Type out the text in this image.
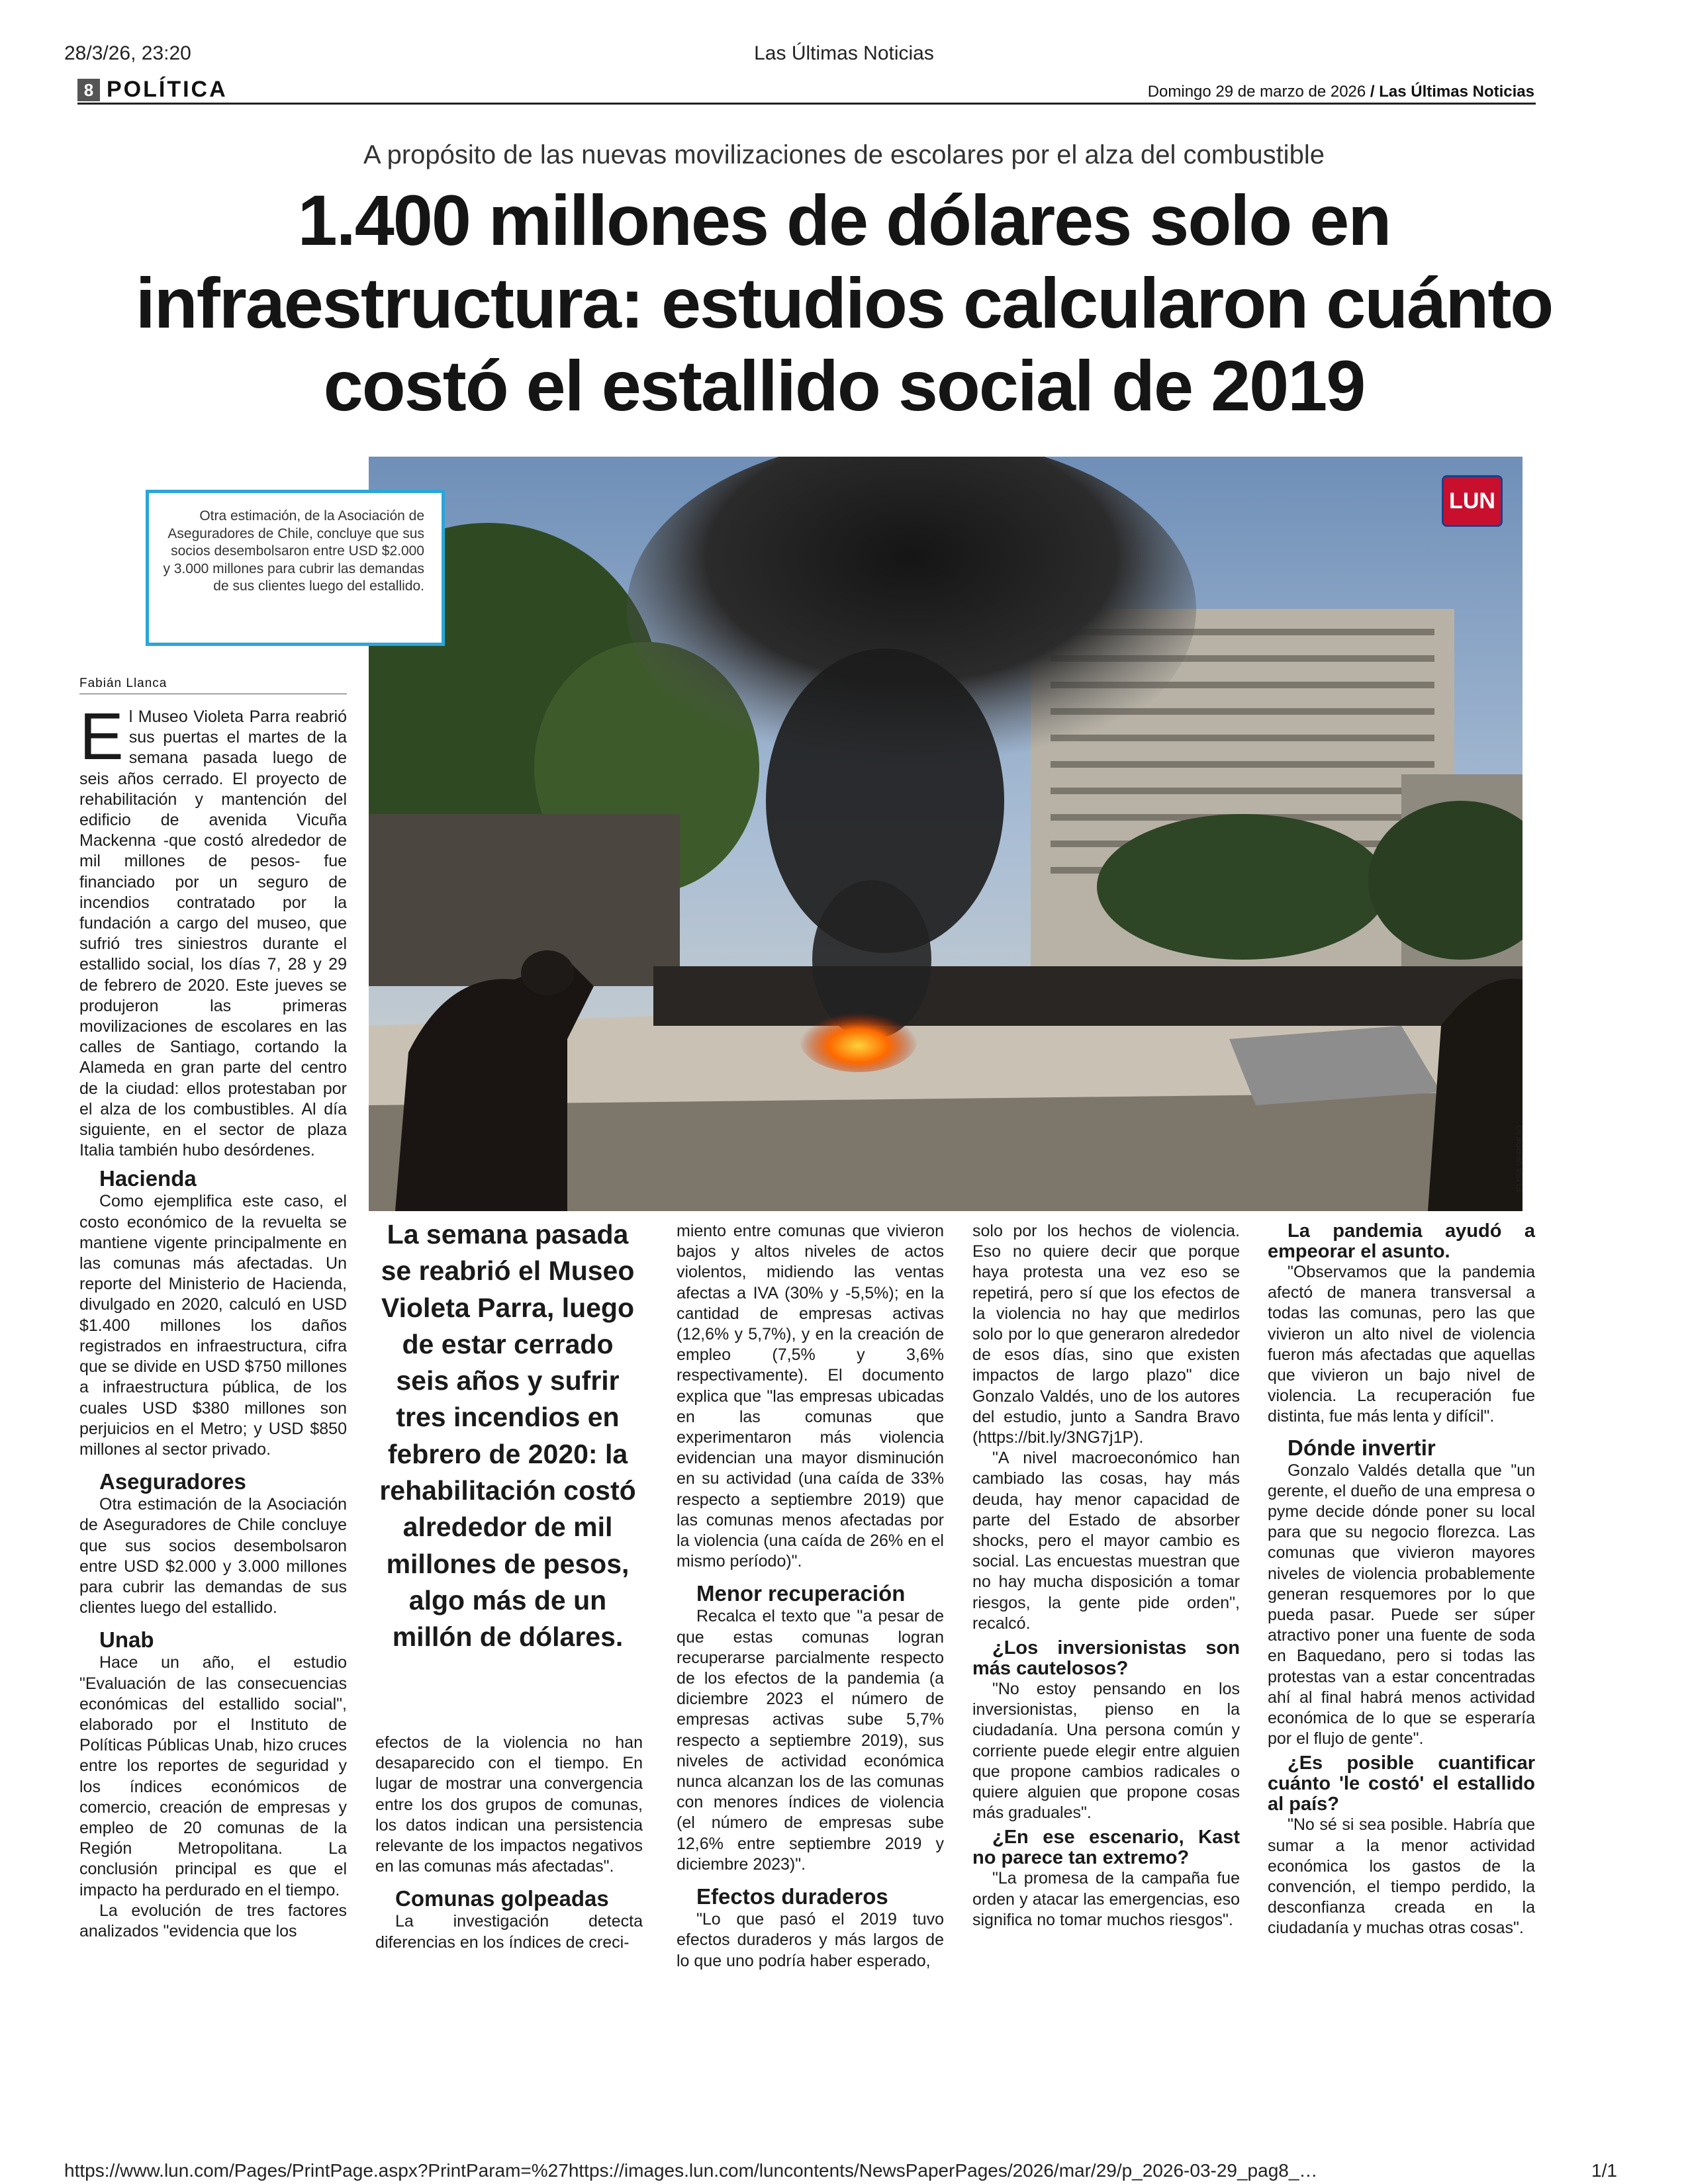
28/3/26, 23:20	Las Últimas Noticias
8 POLÍTICA	Domingo 29 de marzo de 2026 / Las Últimas Noticias
A propósito de las nuevas movilizaciones de escolares por el alza del combustible
1.400 millones de dólares solo en infraestructura: estudios calcularon cuánto costó el estallido social de 2019
LUN
ELISA VERDEJO
Otra estimación, de la Asociación de Aseguradores de Chile, concluye que sus socios desembolsaron entre USD $2.000 y 3.000 millones para cubrir las demandas de sus clientes luego del estallido.
Fabián Llanca

El Museo Violeta Parra reabrió sus puertas el martes de la semana pasada luego de seis años cerrado. El proyecto de rehabilitación y mantención del edificio de avenida Vicuña Mackenna -que costó alrededor de mil millones de pesos- fue financiado por un seguro de incendios contratado por la fundación a cargo del museo, que sufrió tres siniestros durante el estallido social, los días 7, 28 y 29 de febrero de 2020. Este jueves se produjeron las primeras movilizaciones de escolares en las calles de Santiago, cortando la Alameda en gran parte del centro de la ciudad: ellos protestaban por el alza de los combustibles. Al día siguiente, en el sector de plaza Italia también hubo desórdenes.

Hacienda

Como ejemplifica este caso, el costo económico de la revuelta se mantiene vigente principalmente en las comunas más afectadas. Un reporte del Ministerio de Hacienda, divulgado en 2020, calculó en USD $1.400 millones los daños registrados en infraestructura, cifra que se divide en USD $750 millones a infraestructura pública, de los cuales USD $380 millones son perjuicios en el Metro; y USD $850 millones al sector privado.

Aseguradores

Otra estimación de la Asociación de Aseguradores de Chile concluye que sus socios desembolsaron entre USD $2.000 y 3.000 millones para cubrir las demandas de sus clientes luego del estallido.

Unab

Hace un año, el estudio "Evaluación de las consecuencias económicas del estallido social", elaborado por el Instituto de Políticas Públicas Unab, hizo cruces entre los reportes de seguridad y los índices económicos de comercio, creación de empresas y empleo de 20 comunas de la Región Metropolitana. La conclusión principal es que el impacto ha perdurado en el tiempo.

La evolución de tres factores analizados "evidencia que los

La semana pasada se reabrió el Museo Violeta Parra, luego de estar cerrado seis años y sufrir tres incendios en febrero de 2020: la rehabilitación costó alrededor de mil millones de pesos, algo más de un millón de dólares.

efectos de la violencia no han desaparecido con el tiempo. En lugar de mostrar una convergencia entre los dos grupos de comunas, los datos indican una persistencia relevante de los impactos negativos en las comunas más afectadas".

Comunas golpeadas

La investigación detecta diferencias en los índices de creci-

miento entre comunas que vivieron bajos y altos niveles de actos violentos, midiendo las ventas afectas a IVA (30% y -5,5%); en la cantidad de empresas activas (12,6% y 5,7%), y en la creación de empleo (7,5% y 3,6% respectivamente). El documento explica que "las empresas ubicadas en las comunas que experimentaron más violencia evidencian una mayor disminución en su actividad (una caída de 33% respecto a septiembre 2019) que las comunas menos afectadas por la violencia (una caída de 26% en el mismo período)".

Menor recuperación

Recalca el texto que "a pesar de que estas comunas logran recuperarse parcialmente respecto de los efectos de la pandemia (a diciembre 2023 el número de empresas activas sube 5,7% respecto a septiembre 2019), sus niveles de actividad económica nunca alcanzan los de las comunas con menores índices de violencia (el número de empresas sube 12,6% entre septiembre 2019 y diciembre 2023)".

Efectos duraderos

"Lo que pasó el 2019 tuvo efectos duraderos y más largos de lo que uno podría haber esperado,

solo por los hechos de violencia. Eso no quiere decir que porque haya protesta una vez eso se repetirá, pero sí que los efectos de la violencia no hay que medirlos solo por lo que generaron alrededor de esos días, sino que existen impactos de largo plazo" dice Gonzalo Valdés, uno de los autores del estudio, junto a Sandra Bravo (https://bit.ly/3NG7j1P).

"A nivel macroeconómico han cambiado las cosas, hay más deuda, hay menor capacidad de parte del Estado de absorber shocks, pero el mayor cambio es social. Las encuestas muestran que no hay mucha disposición a tomar riesgos, la gente pide orden", recalcó.

¿Los inversionistas son más cautelosos?

"No estoy pensando en los inversionistas, pienso en la ciudadanía. Una persona común y corriente puede elegir entre alguien que propone cambios radicales o quiere alguien que propone cosas más graduales".

¿En ese escenario, Kast no parece tan extremo?

"La promesa de la campaña fue orden y atacar las emergencias, eso significa no tomar muchos riesgos".

La pandemia ayudó a empeorar el asunto.

"Observamos que la pandemia afectó de manera transversal a todas las comunas, pero las que vivieron un alto nivel de violencia fueron más afectadas que aquellas que vivieron un bajo nivel de violencia. La recuperación fue distinta, fue más lenta y difícil".

Dónde invertir

Gonzalo Valdés detalla que "un gerente, el dueño de una empresa o pyme decide dónde poner su local para que su negocio florezca. Las comunas que vivieron mayores niveles de violencia probablemente generan resquemores por lo que pueda pasar. Puede ser súper atractivo poner una fuente de soda en Baquedano, pero si todas las protestas van a estar concentradas ahí al final habrá menos actividad económica de lo que se esperaría por el flujo de gente".

¿Es posible cuantificar cuánto 'le costó' el estallido al país?

"No sé si sea posible. Habría que sumar a la menor actividad económica los gastos de la convención, el tiempo perdido, la desconfianza creada en la ciudadanía y muchas otras cosas".

https://www.lun.com/Pages/PrintPage.aspx?PrintParam=%27https://images.lun.com/luncontents/NewsPaperPages/2026/mar/29/p_2026-03-29_pag8_…	1/1
